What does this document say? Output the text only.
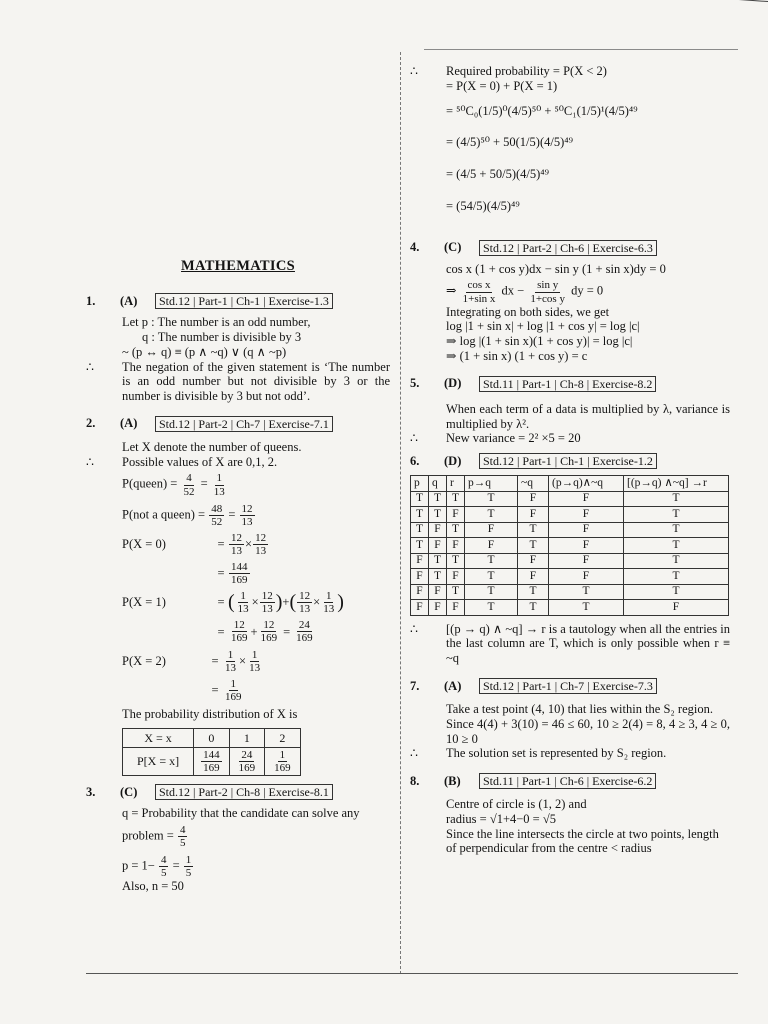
MATHEMATICS
1.	(A)	Std.12 | Part-1 | Ch-1 | Exercise-1.3
Let p : The number is an odd number,
q : The number is divisible by 3
~ (p ↔ q) ≡ (p ∧ ~q) ∨ (q ∧ ~p)
∴	The negation of the given statement is ‘The number is an odd number but not divisible by 3 or the number is divisible by 3 but not odd’.
2.	(A)	Std.12 | Part-2 | Ch-7 | Exercise-7.1
Let X denote the number of queens.
∴	Possible values of X are 0,1, 2.
P(queen) = $\frac{4}{52} = \frac{1}{13}$
P(not a queen) = $\frac{48}{52} = \frac{12}{13}$
P(X = 0)	= $\frac{12}{13} \times \frac{12}{13}$
= $\frac{144}{169}$
P(X = 1)	= ( $\frac{1}{13} \times \frac{12}{13}$ ) + ( $\frac{12}{13} \times \frac{1}{13}$ )
= $\frac{12}{169} + \frac{12}{169} = \frac{24}{169}$
P(X = 2)	= $\frac{1}{13} \times \frac{1}{13}$
= $\frac{1}{169}$
The probability distribution of X is
X = x	0	1	2
P[X = x]	$\frac{144}{169}$	$\frac{24}{169}$	$\frac{1}{169}$
3.	(C)	Std.12 | Part-2 | Ch-8 | Exercise-8.1
q = Probability that the candidate can solve any
problem = $\frac{4}{5}$
$p = 1- \frac{4}{5} = \frac{1}{5}$
Also, n = 50
∴	Required probability = P(X < 2)
= P(X = 0) + P(X = 1)
= ⁵⁰C₀(1/5)⁰(4/5)⁵⁰ + ⁵⁰C₁(1/5)¹(4/5)⁴⁹
= (4/5)⁵⁰ + 50(1/5)(4/5)⁴⁹
= (4/5 + 50/5)(4/5)⁴⁹
= (54/5)(4/5)⁴⁹
4.	(C)	Std.12 | Part-2 | Ch-6 | Exercise-6.3
cos x (1 + cos y)dx − sin y (1 + sin x)dy = 0
⇒ $\frac{\text{cos x}}{\text{1+sin x}}$ dx − $\frac{\text{sin y}}{\text{1+cos y}}$ dy = 0
Integrating on both sides, we get
log |1 + sin x| + log |1 + cos y| = log |c|
⇒ log |(1 + sin x)(1 + cos y)| = log |c|
⇒ (1 + sin x) (1 + cos y) = c
5.	(D)	Std.11 | Part-1 | Ch-8 | Exercise-8.2
When each term of a data is multiplied by λ, variance is multiplied by λ².
∴	New variance = 2² ×5 = 20
6.	(D)	Std.12 | Part-1 | Ch-1 | Exercise-1.2
p	q	r	p→q	~q	(p→q)∧~q	[(p→q) ∧~q] →r
T	T	T	T	F	F	T
T	T	F	T	F	F	T
T	F	T	F	T	F	T
T	F	F	F	T	F	T
F	T	T	T	F	F	T
F	T	F	T	F	F	T
F	F	T	T	T	T	T
F	F	F	T	T	T	F
∴	[(p → q) ∧ ~q] → r is a tautology when all the entries in the last column are T, which is only possible when r ≡ ~q
7.	(A)	Std.12 | Part-1 | Ch-7 | Exercise-7.3
Take a test point (4, 10) that lies within the S₂ region.
Since 4(4) + 3(10) = 46 ≤ 60, 10 ≥ 2(4) = 8, 4 ≥ 3, 4 ≥ 0, 10 ≥ 0
∴	The solution set is represented by S₂ region.
8.	(B)	Std.11 | Part-1 | Ch-6 | Exercise-6.2
Centre of circle is (1, 2) and
radius = √1+4−0 = √5
Since the line intersects the circle at two points, length of perpendicular from the centre < radius
